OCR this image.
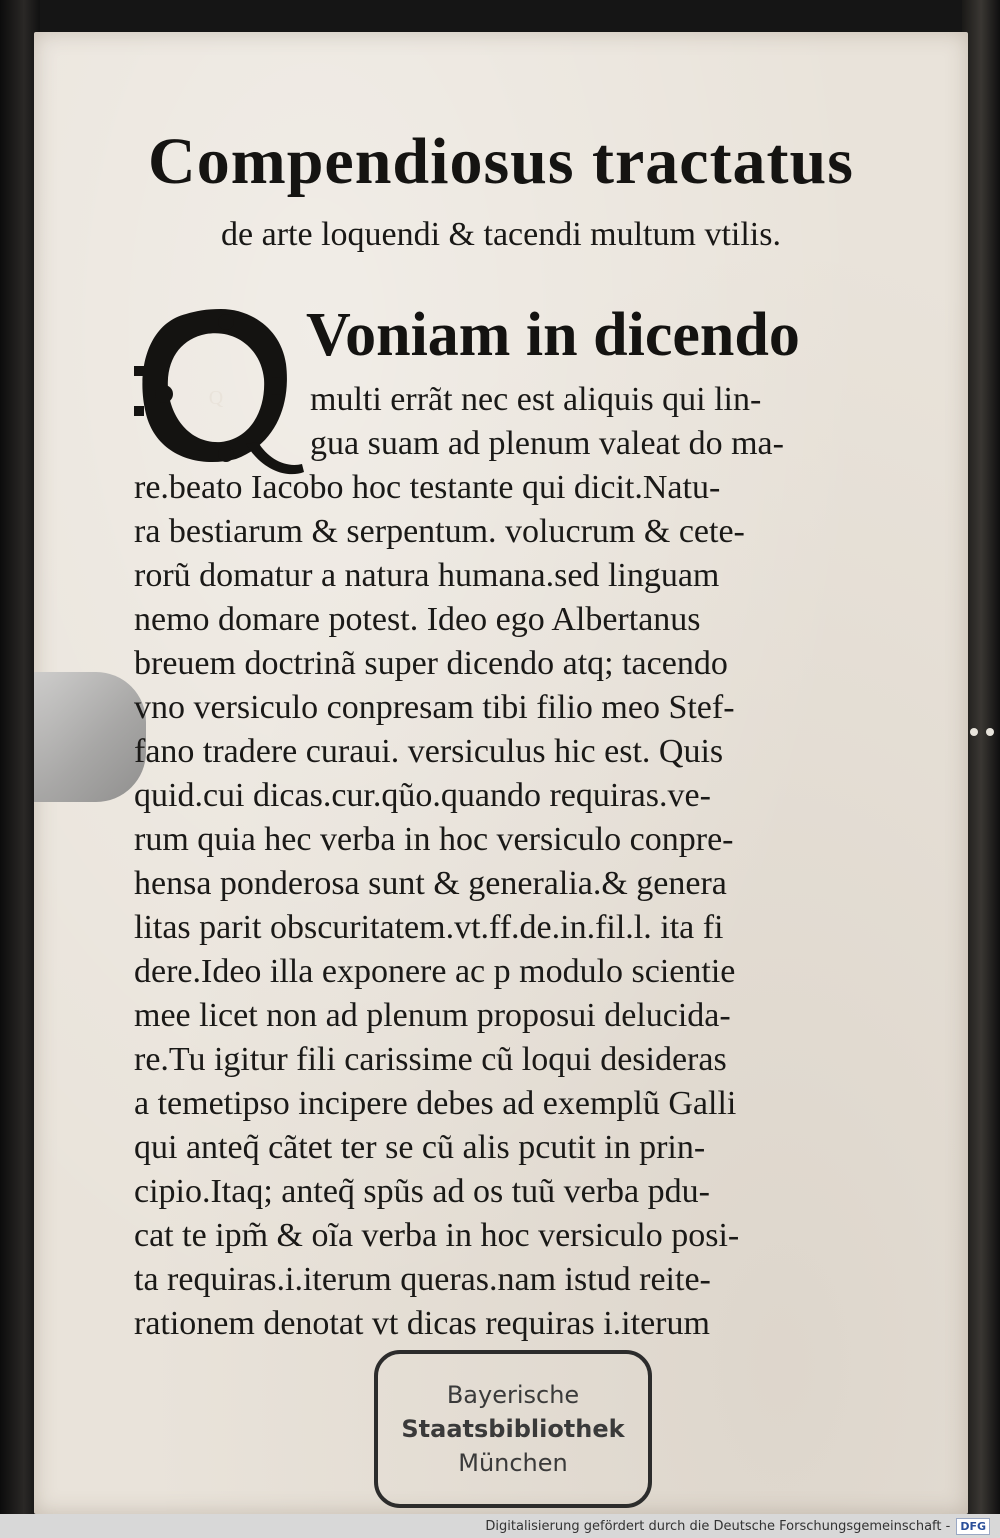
Compendiosus tractatus
de arte loquendi & tacendi multum vtilis.
Q
Voniam in dicendo
multi errãt nec est aliquis qui lin-
gua suam ad plenum valeat do ma-
re.beato Iacobo hoc testante qui dicit.Natu-
ra bestiarum & serpentum. volucrum & cete-
rorũ domatur a natura humana.sed linguam
nemo domare potest. Ideo ego Albertanus
breuem doctrinã super dicendo atq; tacendo
vno versiculo conpresam tibi filio meo Stef-
fano tradere curaui. versiculus hic est. Quis
quid.cui dicas.cur.qũo.quando requiras.ve-
rum quia hec verba in hoc versiculo conpre-
hensa ponderosa sunt & generalia.& genera
litas parit obscuritatem.vt.ff.de.in.fil.l. ita fi
dere.Ideo illa exponere ac p modulo scientie
mee licet non ad plenum proposui delucida-
re.Tu igitur fili carissime cũ loqui desideras
a temetipso incipere debes ad exemplũ Galli
qui anteq̃ cãtet ter se cũ alis pcutit in prin-
cipio.Itaq; anteq̃ spũs ad os tuũ verba pdu-
cat te ipm̃ & oĩa verba in hoc versiculo posi-
ta requiras.i.iterum queras.nam istud reite-
rationem denotat vt dicas requiras i.iterum
Bayerische
Staatsbibliothek
München
Digitalisierung gefördert durch die Deutsche Forschungsgemeinschaft - DFG
